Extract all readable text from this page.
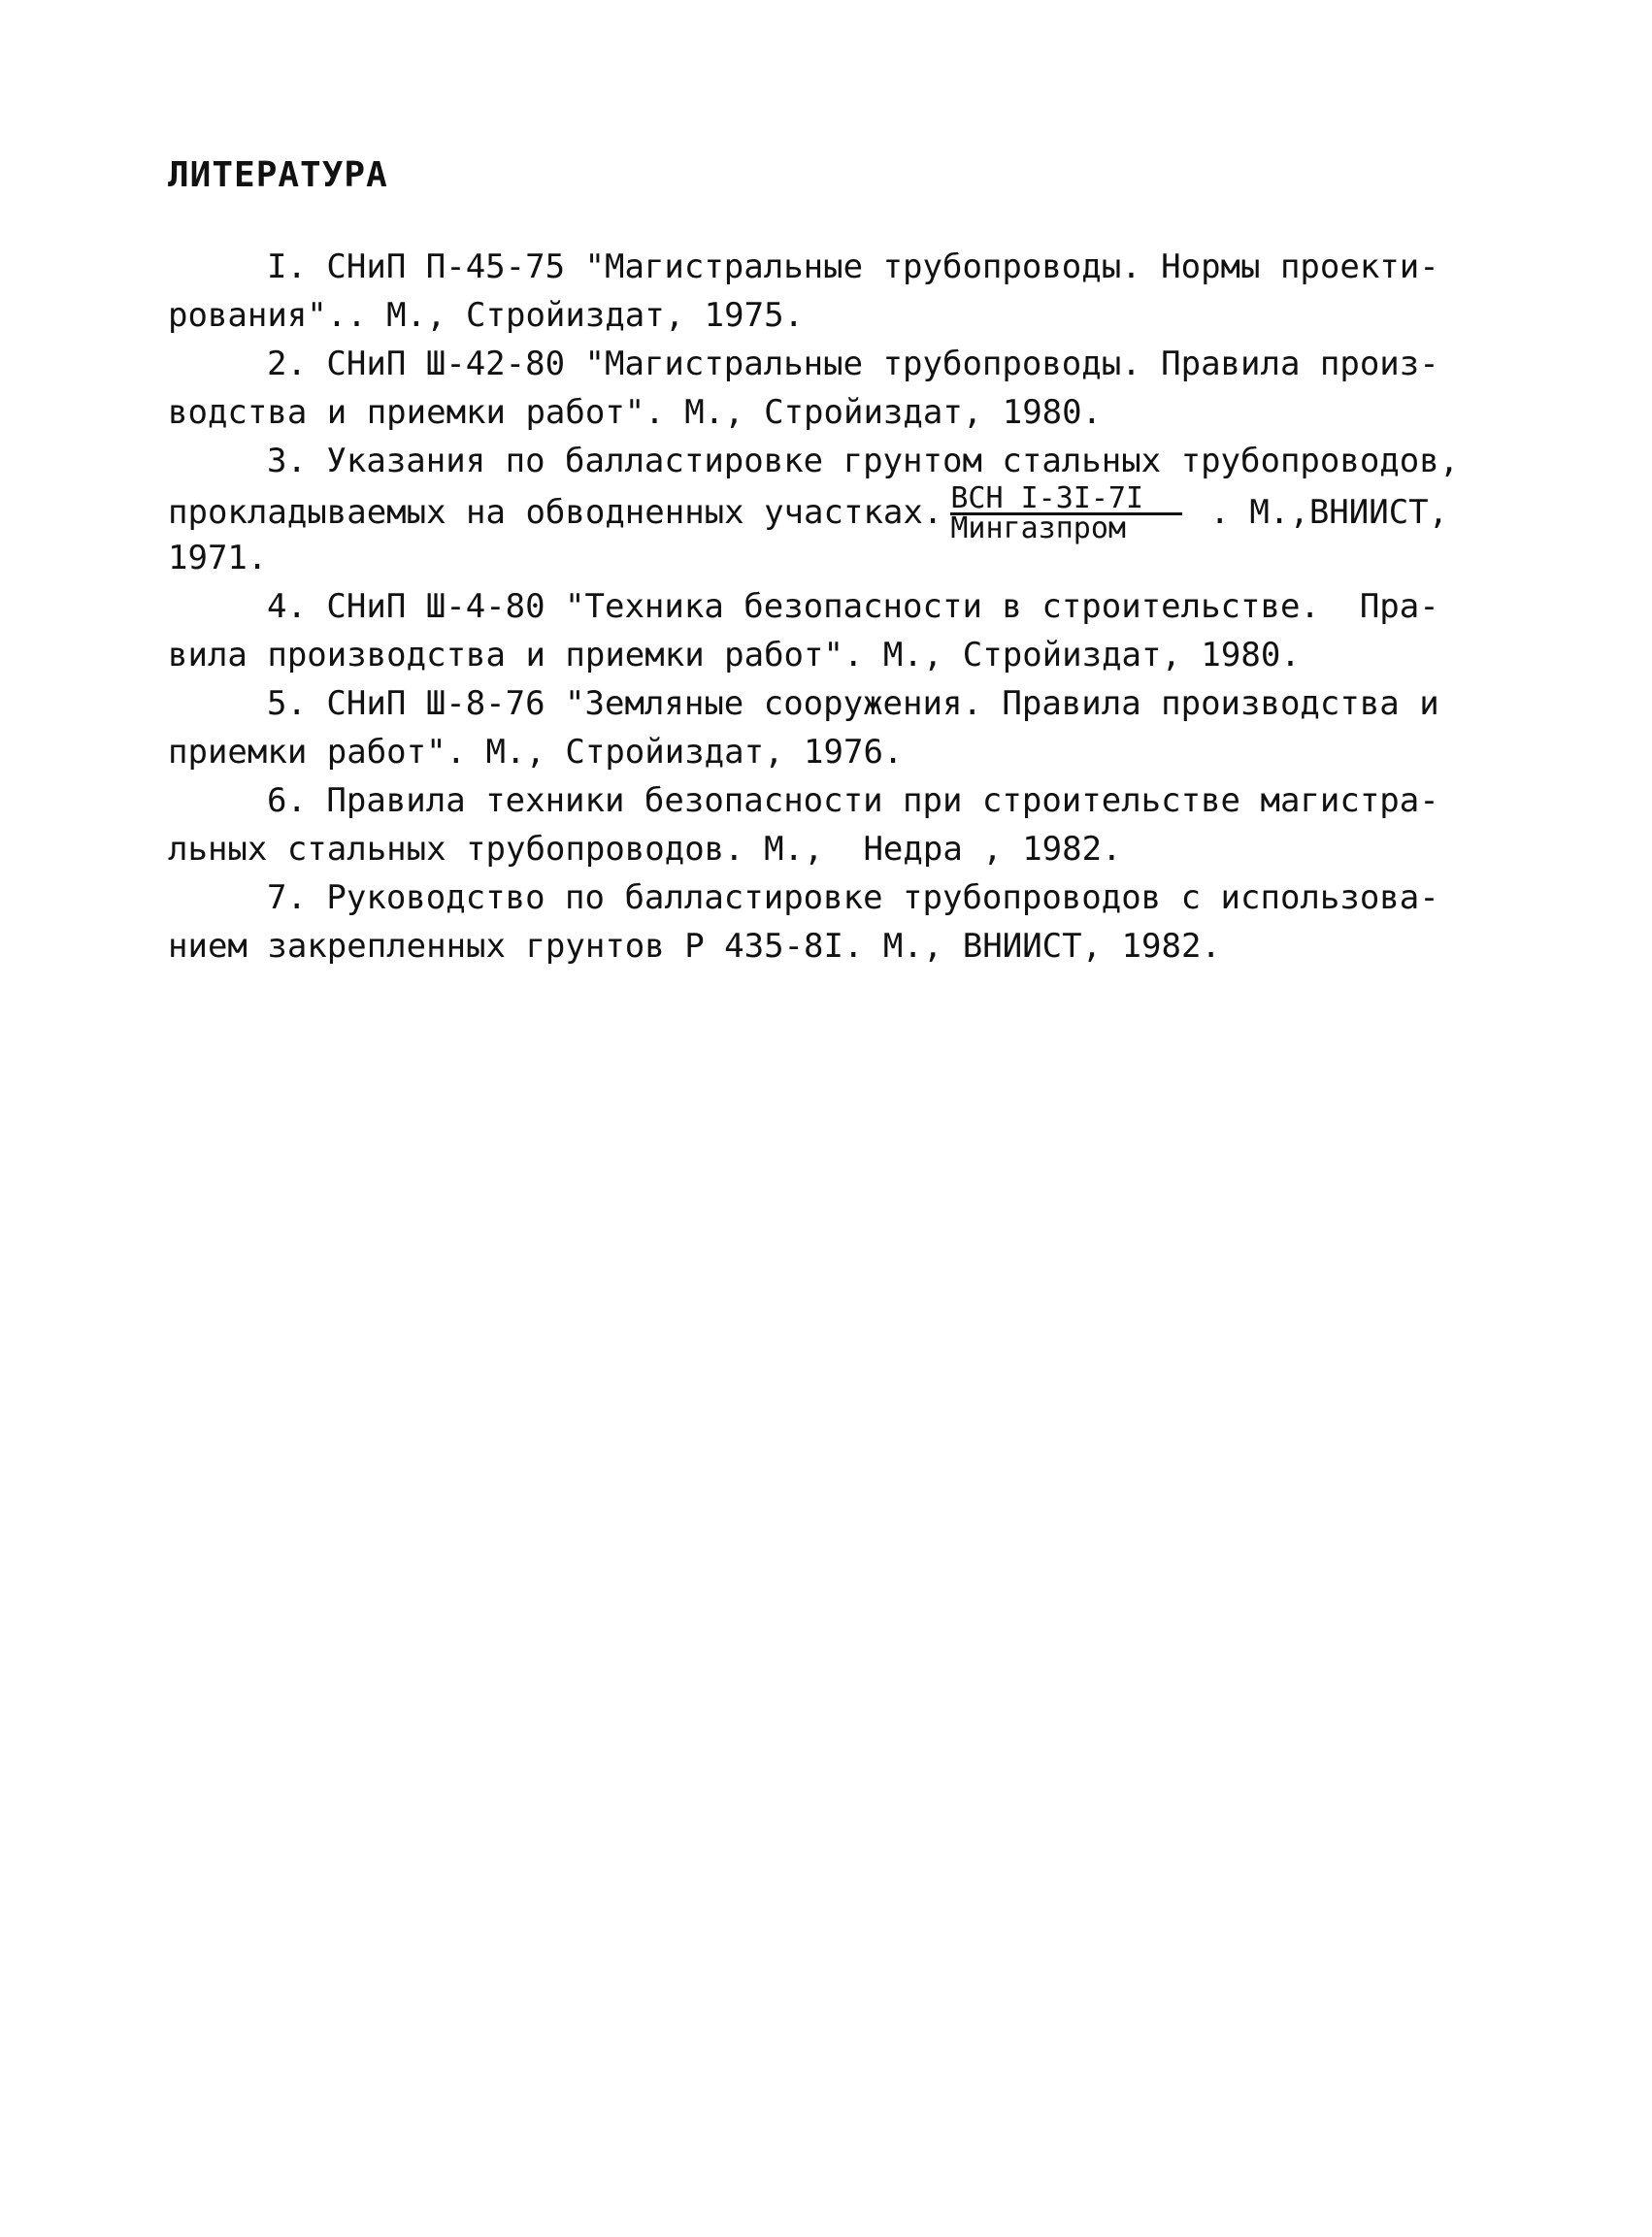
ЛИТЕРАТУРА
I. СНиП П-45-75 "Магистральные трубопроводы. Нормы проекти-
рования".. М., Стройиздат, 1975.
2. СНиП Ш-42-80 "Магистральные трубопроводы. Правила произ-
водства и приемки работ". М., Стройиздат, 1980.
3. Указания по балластировке грунтом стальных трубопроводов,
прокладываемых на обводненных участках. $\frac{\text{ВСН I-3I-7I}}{\text{Мингазпром}}$ . М.,ВНИИСТ,
1971.
4. СНиП Ш-4-80 "Техника безопасности в строительстве.  Пра-
вила производства и приемки работ". М., Стройиздат, 1980.
5. СНиП Ш-8-76 "Земляные сооружения. Правила производства и
приемки работ". М., Стройиздат, 1976.
6. Правила техники безопасности при строительстве магистра-
льных стальных трубопроводов. М.,  Недра , 1982.
7. Руководство по балластировке трубопроводов с использова-
нием закрепленных грунтов Р 435-8I. М., ВНИИСТ, 1982.
